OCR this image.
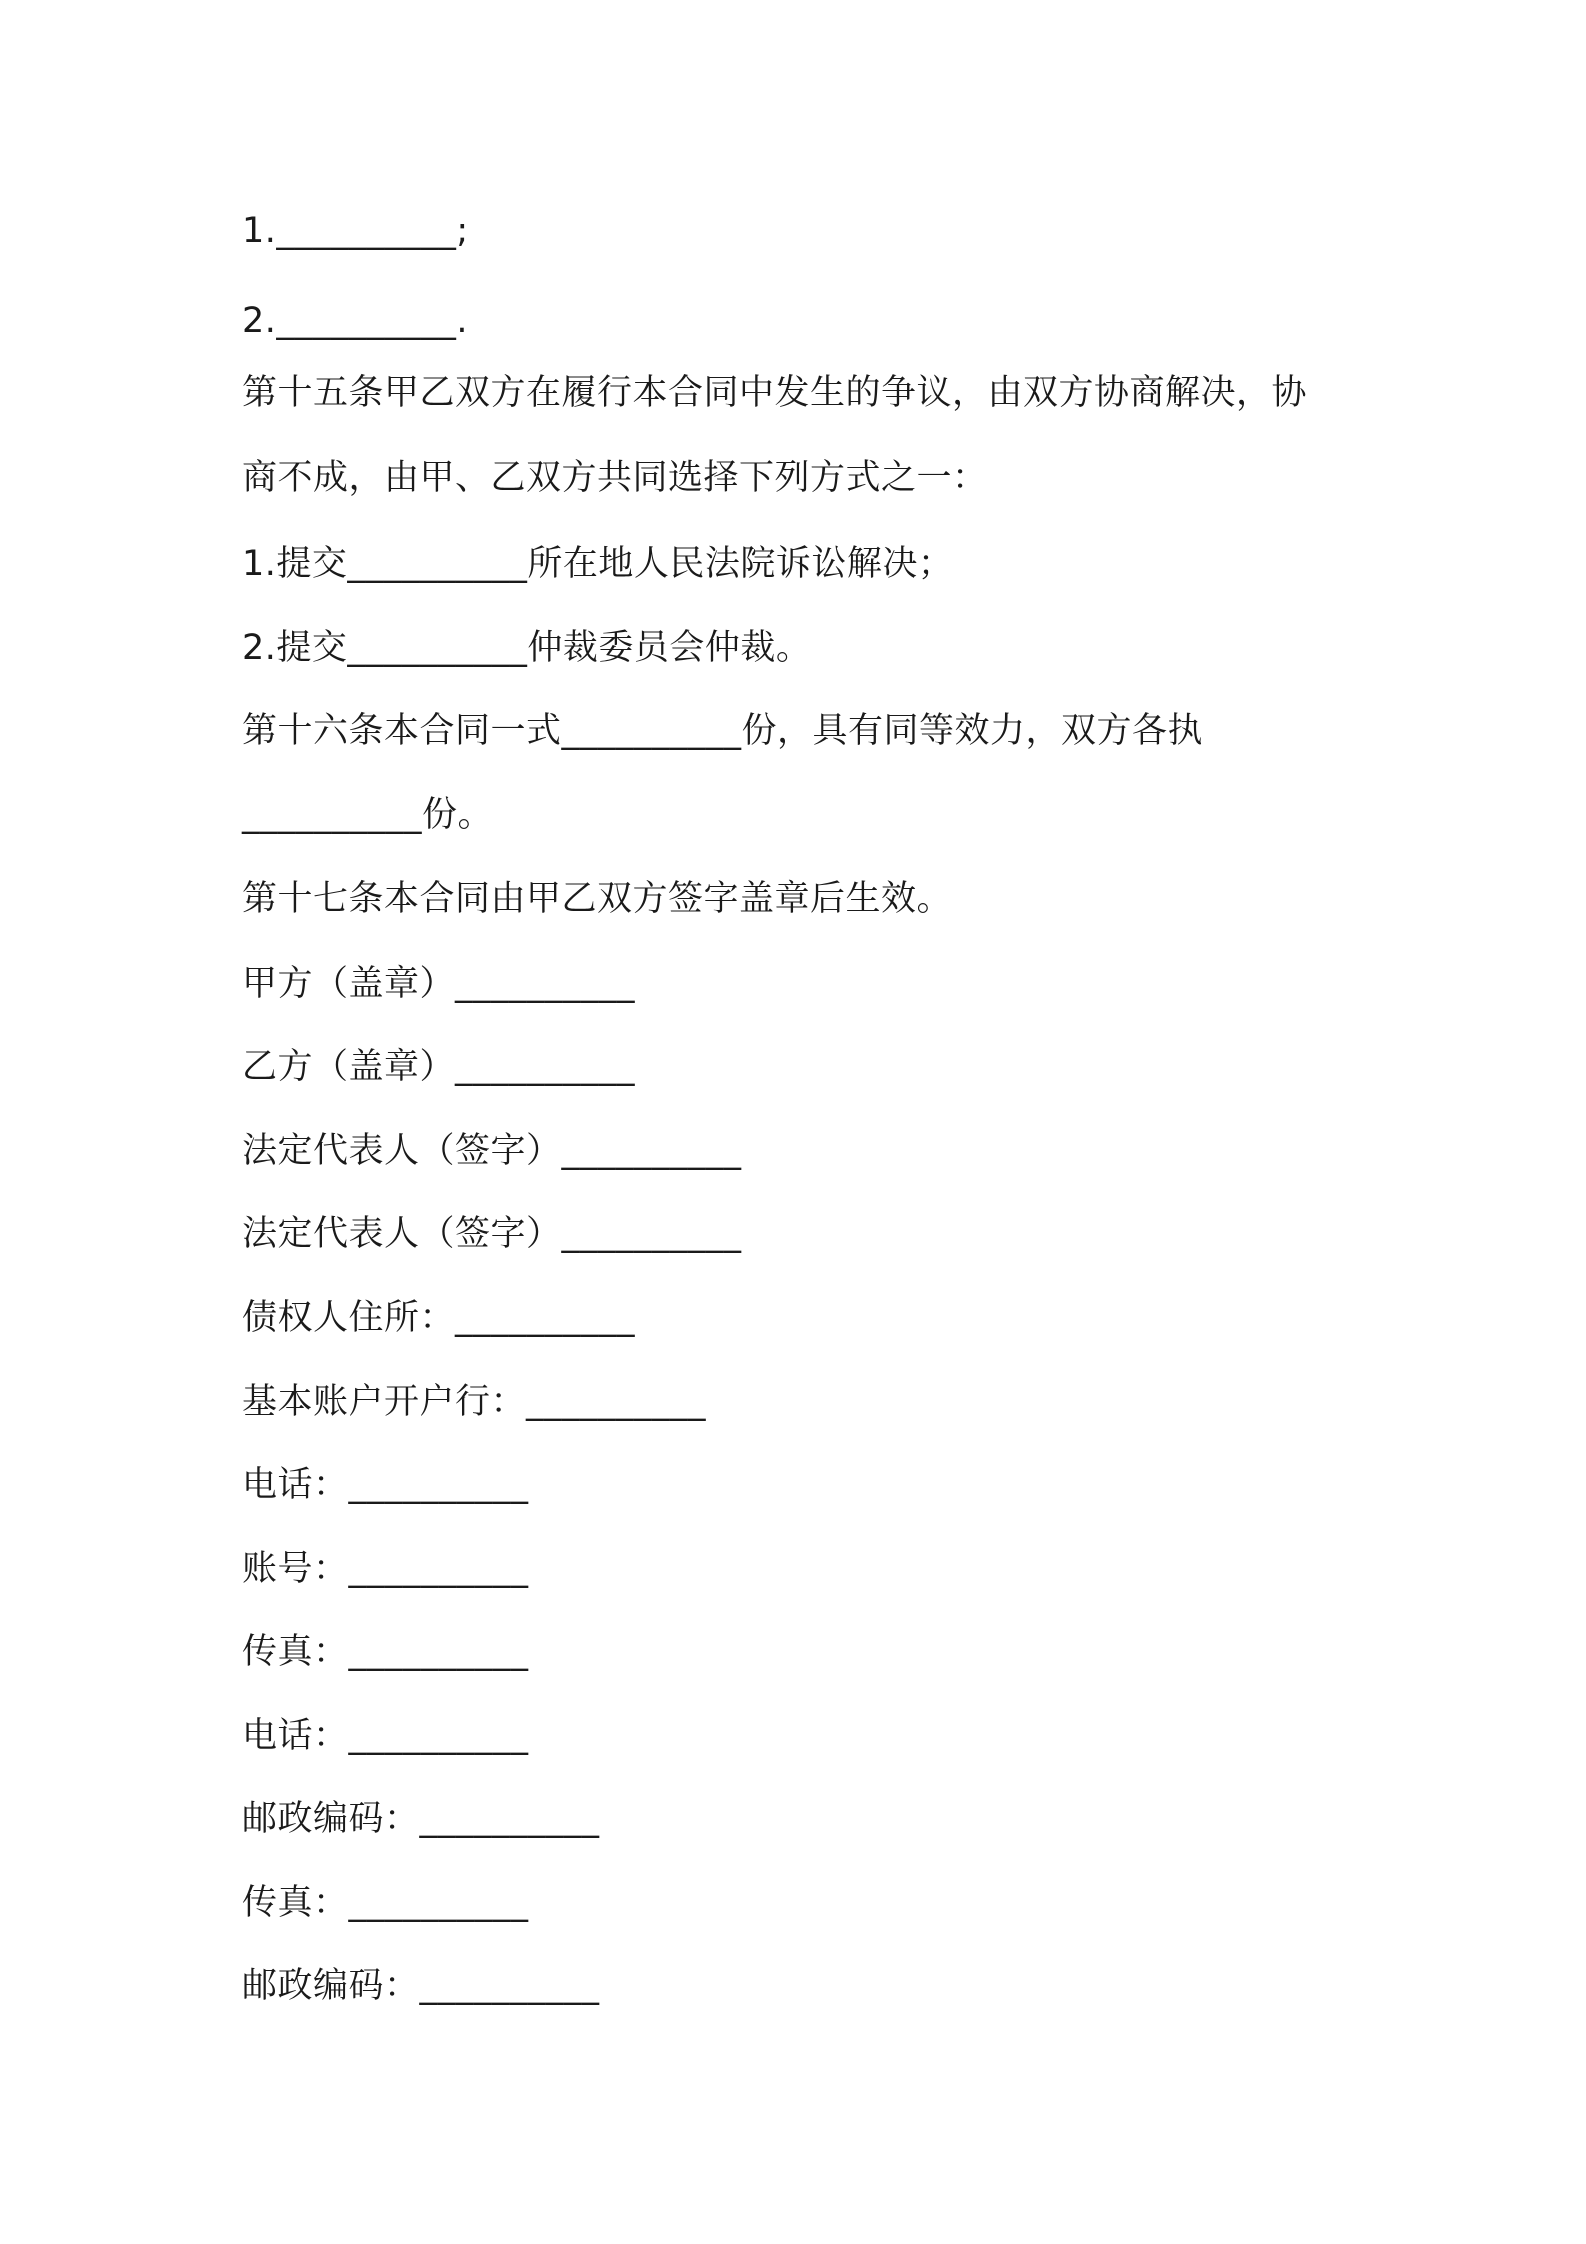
1.__________;
2.__________.
第十五条甲乙双方在履行本合同中发生的争议，由双方协商解决，协
商不成，由甲、乙双方共同选择下列方式之一：
1.提交__________所在地人民法院诉讼解决；
2.提交__________仲裁委员会仲裁。
第十六条本合同一式__________份，具有同等效力，双方各执
__________份。
第十七条本合同由甲乙双方签字盖章后生效。
甲方（盖章）__________
乙方（盖章）__________
法定代表人（签字）__________
法定代表人（签字）__________
债权人住所：__________
基本账户开户行：__________
电话：__________
账号：__________
传真：__________
电话：__________
邮政编码：__________
传真：__________
邮政编码：__________
